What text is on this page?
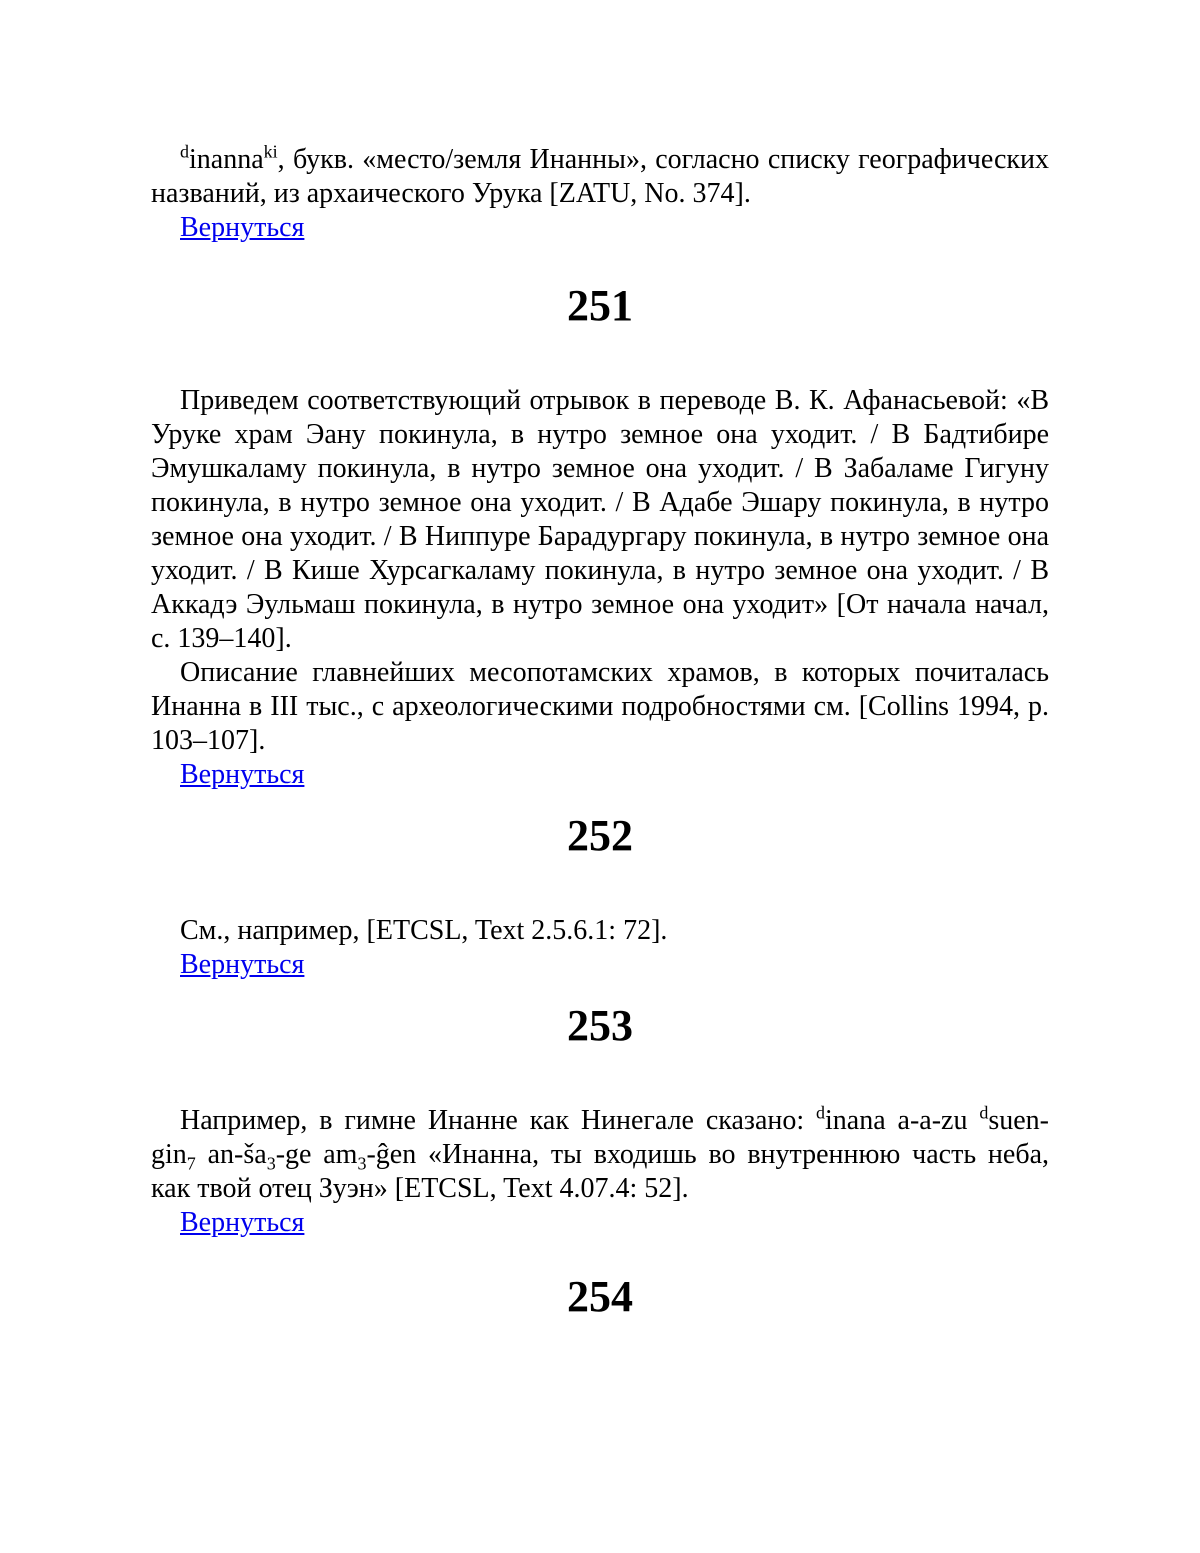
$^d$inanna$^{ki}$, букв. «место/земля Инанны», согласно списку географических названий, из архаического Урука [ZATU, No. 374].

Вернуться

251

Приведем соответствующий отрывок в переводе В. К. Афанасьевой: «В Уруке храм Эану покинула, в нутро земное она уходит. / В Бадтибире Эмушкаламу покинула, в нутро земное она уходит. / В Забаламе Гигуну покинула, в нутро земное она уходит. / В Адабе Эшару покинула, в нутро земное она уходит. / В Ниппуре Барадургару покинула, в нутро земное она уходит. / В Кише Хурсагкаламу покинула, в нутро земное она уходит. / В Аккадэ Эульмаш покинула, в нутро земное она уходит» [От начала начал, с. 139–140].

Описание главнейших месопотамских храмов, в которых почиталась Инанна в III тыс., с археологическими подробностями см. [Collins 1994, p. 103–107].

Вернуться

252

См., например, [ETCSL, Text 2.5.6.1: 72].

Вернуться

253

Например, в гимне Инанне как Нинегале сказано: $^d$inana a-a-zu $^d$suen-gin$_7$ $an-ša_3-ge$ $am_3$-ĝen «Инанна, ты входишь во внутреннюю часть неба, как твой отец Зуэн» [ETCSL, Text 4.07.4: 52].

Вернуться

254
